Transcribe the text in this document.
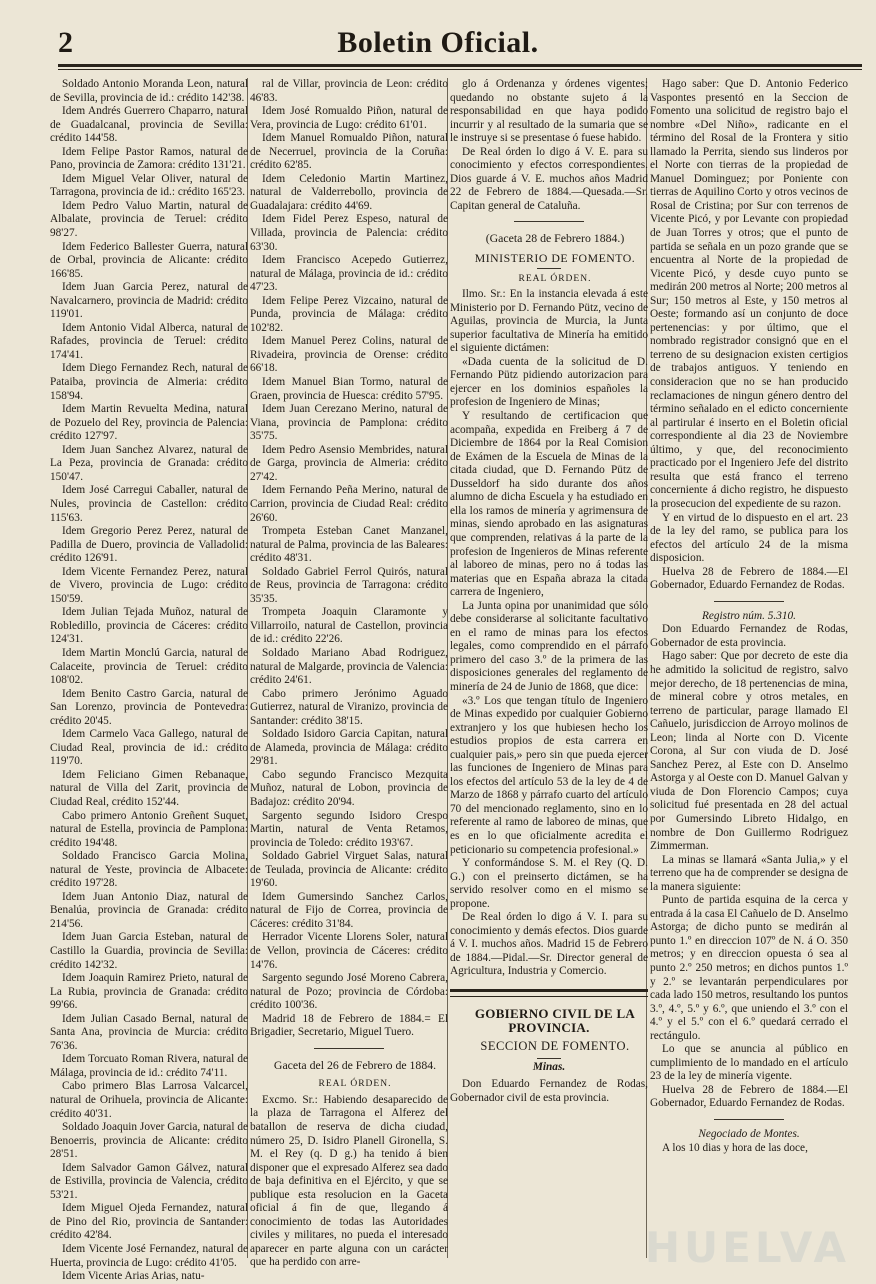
2	Boletin Oficial.

Soldado Antonio Moranda Leon, natural de Sevilla, provincia de id.: crédito 142'38.

Idem Andrés Guerrero Chaparro, natural de Guadalcanal, provincia de Sevilla: crédito 144'58.

Idem Felipe Pastor Ramos, natural de Pano, provincia de Zamora: crédito 131'21.

Idem Miguel Velar Oliver, natural de Tarragona, provincia de id.: crédito 165'23.

Idem Pedro Valuo Martin, natural de Albalate, provincia de Teruel: crédito 98'27.

Idem Federico Ballester Guerra, natural de Orbal, provincia de Alicante: crédito 166'85.

Idem Juan Garcia Perez, natural de Navalcarnero, provincia de Madrid: crédito 119'01.

Idem Antonio Vidal Alberca, natural de Rafades, provincia de Teruel: crédito 174'41.

Idem Diego Fernandez Rech, natural de Pataiba, provincia de Almeria: crédito 158'94.

Idem Martin Revuelta Medina, natural de Pozuelo del Rey, provincia de Palencia: crédito 127'97.

Idem Juan Sanchez Alvarez, natural de La Peza, provincia de Granada: crédito 150'47.

Idem José Carregui Caballer, natural de Nules, provincia de Castellon: crédito 115'63.

Idem Gregorio Perez Perez, natural de Padilla de Duero, provincia de Valladolid: crédito 126'91.

Idem Vicente Fernandez Perez, natural de Vivero, provincia de Lugo: crédito 150'59.

Idem Julian Tejada Muñoz, natural de Robledillo, provincia de Cáceres: crédito 124'31.

Idem Martin Monclú Garcia, natural de Calaceite, provincia de Teruel: crédito 108'02.

Idem Benito Castro Garcia, natural de San Lorenzo, provincia de Pontevedra: crédito 20'45.

Idem Carmelo Vaca Gallego, natural de Ciudad Real, provincia de id.: crédito 119'70.

Idem Feliciano Gimen Rebanaque, natural de Villa del Zarit, provincia de Ciudad Real, crédito 152'44.

Cabo primero Antonio Greñent Suquet, natural de Estella, provincia de Pamplona: crédito 194'48.

Soldado Francisco Garcia Molina, natural de Yeste, provincia de Albacete: crédito 197'28.

Idem Juan Antonio Diaz, natural de Benalúa, provincia de Granada: crédito 214'56.

Idem Juan Garcia Esteban, natural de Castillo la Guardia, provincia de Sevilla: crédito 142'32.

Idem Joaquin Ramirez Prieto, natural de La Rubia, provincia de Granada: crédito 99'66.

Idem Julian Casado Bernal, natural de Santa Ana, provincia de Murcia: crédito 76'36.

Idem Torcuato Roman Rivera, natural de Málaga, provincia de id.: crédito 74'11.

Cabo primero Blas Larrosa Valcarcel, natural de Orihuela, provincia de Alicante: crédito 40'31.

Soldado Joaquin Jover Garcia, natural de Benoerris, provincia de Alicante: crédito 28'51.

Idem Salvador Gamon Gálvez, natural de Estivilla, provincia de Valencia, crédito 53'21.

Idem Miguel Ojeda Fernandez, natural de Pino del Rio, provincia de Santander: crédito 42'84.

Idem Vicente José Fernandez, natural de Huerta, provincia de Lugo: crédito 41'05.

Idem Vicente Arias Arias, natu-

ral de Villar, provincia de Leon: crédito 46'83.

Idem José Romualdo Piñon, natural de Vera, provincia de Lugo: crédito 61'01.

Idem Manuel Romualdo Piñon, natural de Necerruel, provincia de la Coruña: crédito 62'85.

Idem Celedonio Martin Martinez, natural de Valderrebollo, provincia de Guadalajara: crédito 44'69.

Idem Fidel Perez Espeso, natural de Villada, provincia de Palencia: crédito 63'30.

Idem Francisco Acepedo Gutierrez, natural de Málaga, provincia de id.: crédito 47'23.

Idem Felipe Perez Vizcaino, natural de Punda, provincia de Málaga: crédito 102'82.

Idem Manuel Perez Colins, natural de Rivadeira, provincia de Orense: crédito 66'18.

Idem Manuel Bian Tormo, natural de Graen, provincia de Huesca: crédito 57'95.

Idem Juan Cerezano Merino, natural de Viana, provincia de Pamplona: crédito 35'75.

Idem Pedro Asensio Membrides, natural de Garga, provincia de Almeria: crédito 27'42.

Idem Fernando Peña Merino, natural de Carrion, provincia de Ciudad Real: crédito 26'60.

Trompeta Esteban Canet Manzanel, natural de Palma, provincia de las Baleares: crédito 48'31.

Soldado Gabriel Ferrol Quirós, natural de Reus, provincia de Tarragona: crédito 35'35.

Trompeta Joaquin Claramonte y Villarroilo, natural de Castellon, provincia de id.: crédito 22'26.

Soldado Mariano Abad Rodriguez, natural de Malgarde, provincia de Valencia: crédito 24'61.

Cabo primero Jerónimo Aguado Gutierrez, natural de Viranizo, provincia de Santander: crédito 38'15.

Soldado Isidoro Garcia Capitan, natural de Alameda, provincia de Málaga: crédito 29'81.

Cabo segundo Francisco Mezquita Muñoz, natural de Lobon, provincia de Badajoz: crédito 20'94.

Sargento segundo Isidoro Crespo Martin, natural de Venta Retamos, provincia de Toledo: crédito 193'67.

Soldado Gabriel Virguet Salas, natural de Teulada, provincia de Alicante: crédito 19'60.

Idem Gumersindo Sanchez Carlos, natural de Fijo de Correa, provincia de Cáceres: crédito 31'84.

Herrador Vicente Llorens Soler, natural de Vellon, provincia de Cáceres: crédito 14'76.

Sargento segundo José Moreno Cabrera, natural de Pozo; provincia de Córdoba: crédito 100'36.

Madrid 18 de Febrero de 1884.= El Brigadier, Secretario, Miguel Tuero.

Gaceta del 26 de Febrero de 1884.

REAL ÓRDEN.

Excmo. Sr.: Habiendo desaparecido de la plaza de Tarragona el Alferez del batallon de reserva de dicha ciudad, número 25, D. Isidro Planell Gironella, S. M. el Rey (q. D g.) ha tenido á bien disponer que el expresado Alferez sea dado de baja definitiva en el Ejército, y que se publique esta resolucion en la Gaceta oficial á fin de que, llegando á conocimiento de todas las Autoridades civiles y militares, no pueda el interesado aparecer en parte alguna con un carácter que ha perdido con arre-

glo á Ordenanza y órdenes vigentes; quedando no obstante sujeto á la responsabilidad en que haya podido incurrir y al resultado de la sumaria que se le instruye si se presentase ó fuese habido.

De Real órden lo digo á V. E. para su conocimiento y efectos correspondientes. Dios guarde á V. E. muchos años Madrid 22 de Febrero de 1884.—Quesada.—Sr. Capitan general de Cataluña.

(Gaceta 28 de Febrero 1884.)

MINISTERIO DE FOMENTO.

REAL ÓRDEN.

Ilmo. Sr.: En la instancia elevada á este Ministerio por D. Fernando Pütz, vecino de Aguilas, provincia de Murcia, la Junta superior facultativa de Minería ha emitido el siguiente dictámen:

«Dada cuenta de la solicitud de D. Fernando Pütz pidiendo autorizacion para ejercer en los dominios españoles la profesion de Ingeniero de Minas;

Y resultando de certificacion que acompaña, expedida en Freiberg á 7 de Diciembre de 1864 por la Real Comision de Exámen de la Escuela de Minas de la citada ciudad, que D. Fernando Pütz de Dusseldorf ha sido durante dos años alumno de dicha Escuela y ha estudiado en ella los ramos de minería y agrimensura de minas, siendo aprobado en las asignaturas que comprenden, relativas á la parte de la profesion de Ingenieros de Minas referente al laboreo de minas, pero no á todas las materias que en España abraza la citada carrera de Ingeniero,

La Junta opina por unanimidad que sólo debe considerarse al solicitante facultativo en el ramo de minas para los efectos legales, como comprendido en el párrafo primero del caso 3.º de la primera de las disposiciones generales del reglamento de minería de 24 de Junio de 1868, que dice:

«3.º Los que tengan título de Ingeniero de Minas expedido por cualquier Gobierno extranjero y los que hubiesen hecho los estudios propios de esta carrera en cualquier pais,» pero sin que pueda ejercer las funciones de Ingeniero de Minas para los efectos del artículo 53 de la ley de 4 de Marzo de 1868 y párrafo cuarto del artículo 70 del mencionado reglamento, sino en lo referente al ramo de laboreo de minas, que es en lo que oficialmente acredita el peticionario su competencia profesional.»

Y conformándose S. M. el Rey (Q. D. G.) con el preinserto dictámen, se ha servido resolver como en el mismo se propone.

De Real órden lo digo á V. I. para su conocimiento y demás efectos. Dios guarde á V. I. muchos años. Madrid 15 de Febrero de 1884.—Pidal.—Sr. Director general de Agricultura, Industria y Comercio.

GOBIERNO CIVIL DE LA PROVINCIA.

SECCION DE FOMENTO.

Minas.

Don Eduardo Fernandez de Rodas, Gobernador civil de esta provincia.

Hago saber: Que D. Antonio Federico Vaspontes presentó en la Seccion de Fomento una solicitud de registro bajo el nombre «Del Niño», radicante en el término del Rosal de la Frontera y sitio llamado la Perrita, siendo sus linderos por el Norte con tierras de la propiedad de Manuel Dominguez; por Poniente con tierras de Aquilino Corto y otros vecinos de Rosal de Cristina; por Sur con terrenos de Vicente Picó, y por Levante con propiedad de Juan Torres y otros; que el punto de partida se señala en un pozo grande que se encuentra al Norte de la propiedad de Vicente Picó, y desde cuyo punto se medirán 200 metros al Norte; 200 metros al Sur; 150 metros al Este, y 150 metros al Oeste; formando así un conjunto de doce pertenencias: y por último, que el nombrado registrador consignó que en el terreno de su designacion existen certigios de trabajos antiguos. Y teniendo en consideracion que no se han producido reclamaciones de ningun género dentro del término señalado en el edicto concerniente al partirular é inserto en el Boletin oficial correspondiente al dia 23 de Noviembre último, y que, del reconocimiento practicado por el Ingeniero Jefe del distrito resulta que está franco el terreno concerniente á dicho registro, he dispuesto la prosecucion del expediente de su razon.

Y en virtud de lo dispuesto en el art. 23 de la ley del ramo, se publica para los efectos del artículo 24 de la misma disposicion.

Huelva 28 de Febrero de 1884.—El Gobernador, Eduardo Fernandez de Rodas.

Registro núm. 5.310.

Don Eduardo Fernandez de Rodas, Gobernador de esta provincia.

Hago saber: Que por decreto de este dia he admitido la solicitud de registro, salvo mejor derecho, de 18 pertenencias de mina, de mineral cobre y otros metales, en terreno de particular, parage llamado El Cañuelo, jurisdiccion de Arroyo molinos de Leon; linda al Norte con D. Vicente Corona, al Sur con viuda de D. José Sanchez Perez, al Este con D. Anselmo Astorga y al Oeste con D. Manuel Galvan y viuda de Don Florencio Campos; cuya solicitud fué presentada en 28 del actual por Gumersindo Libreto Hidalgo, en nombre de Don Guillermo Rodriguez Zimmerman.

La minas se llamará «Santa Julia,» y el terreno que ha de comprender se designa de la manera siguiente:

Punto de partida esquina de la cerca y entrada á la casa El Cañuelo de D. Anselmo Astorga; de dicho punto se medirán al punto 1.º en direccion 107º de N. á O. 350 metros; y en direccion opuesta ó sea al punto 2.º 250 metros; en dichos puntos 1.º y 2.º se levantarán perpendiculares por cada lado 150 metros, resultando los puntos 3.º, 4.º, 5.º y 6.º, que uniendo el 3.º con el 4.º y el 5.º con el 6.º quedará cerrado el rectángulo.

Lo que se anuncia al público en cumplimiento de lo mandado en el artículo 23 de la ley de minería vigente.

Huelva 28 de Febrero de 1884.—El Gobernador, Eduardo Fernandez de Rodas.

Negociado de Montes.

A los 10 dias y hora de las doce,

HUELVA
